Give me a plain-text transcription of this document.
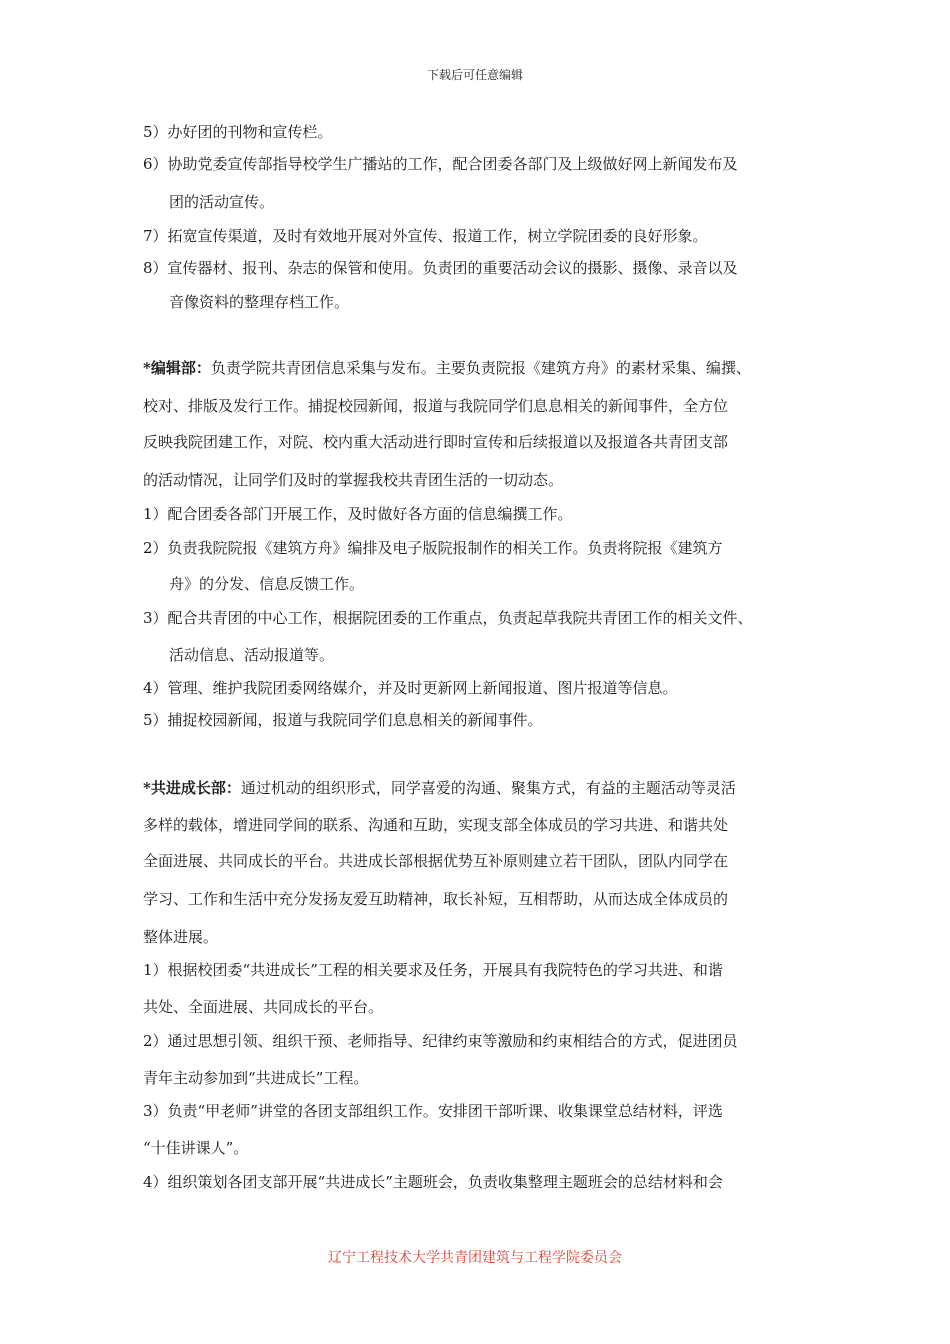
下载后可任意编辑
5）办好团的刊物和宣传栏。
6）协助党委宣传部指导校学生广播站的工作，配合团委各部门及上级做好网上新闻发布及
团的活动宣传。
7）拓宽宣传渠道，及时有效地开展对外宣传、报道工作，树立学院团委的良好形象。
8）宣传器材、报刊、杂志的保管和使用。负责团的重要活动会议的摄影、摄像、录音以及
音像资料的整理存档工作。
*编辑部：负责学院共青团信息采集与发布。主要负责院报《建筑方舟》的素材采集、编撰、
校对、排版及发行工作。捕捉校园新闻，报道与我院同学们息息相关的新闻事件，全方位
反映我院团建工作，对院、校内重大活动进行即时宣传和后续报道以及报道各共青团支部
的活动情况，让同学们及时的掌握我校共青团生活的一切动态。
1）配合团委各部门开展工作，及时做好各方面的信息编撰工作。
2）负责我院院报《建筑方舟》编排及电子版院报制作的相关工作。负责将院报《建筑方
舟》的分发、信息反馈工作。
3）配合共青团的中心工作，根据院团委的工作重点，负责起草我院共青团工作的相关文件、
活动信息、活动报道等。
4）管理、维护我院团委网络媒介，并及时更新网上新闻报道、图片报道等信息。
5）捕捉校园新闻，报道与我院同学们息息相关的新闻事件。
*共进成长部：通过机动的组织形式，同学喜爱的沟通、聚集方式，有益的主题活动等灵活
多样的载体，增进同学间的联系、沟通和互助，实现支部全体成员的学习共进、和谐共处
全面进展、共同成长的平台。共进成长部根据优势互补原则建立若干团队，团队内同学在
学习、工作和生活中充分发扬友爱互助精神，取长补短，互相帮助，从而达成全体成员的
整体进展。
1）根据校团委“共进成长”工程的相关要求及任务，开展具有我院特色的学习共进、和谐
共处、全面进展、共同成长的平台。
2）通过思想引领、组织干预、老师指导、纪律约束等激励和约束相结合的方式，促进团员
青年主动参加到“共进成长”工程。
3）负责“甲老师”讲堂的各团支部组织工作。安排团干部听课、收集课堂总结材料，评选
“十佳讲课人”。
4）组织策划各团支部开展“共进成长”主题班会，负责收集整理主题班会的总结材料和会
辽宁工程技术大学共青团建筑与工程学院委员会
